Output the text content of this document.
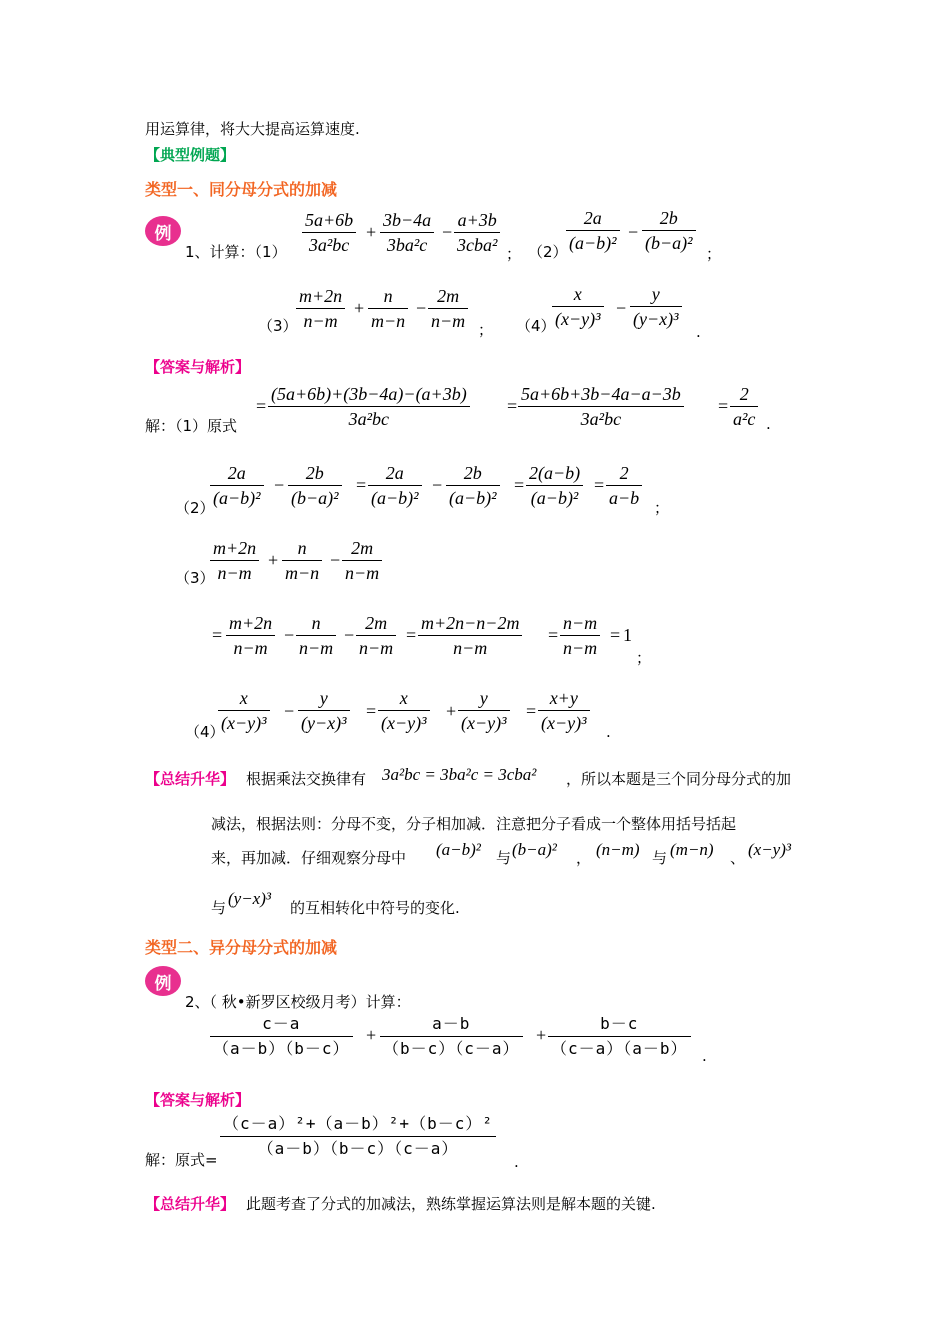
用运算律，将大大提高运算速度.
【典型例题】
类型一、同分母分式的加减
例
1、计算：（1）
5a+6b
3a²bc
+
3b−4a
3ba²c
−
a+3b
3cba² ； （2）
2a
(a−b)²
−
2b
(b−a)²
；
（3）
m+2n
n−m
+
n
m−n
−
2m
n−m ； （4）
x
(x−y)³
−
y
(y−x)³
.
【答案与解析】
解：（1）原式
=
(5a+6b)+(3b−4a)−(a+3b)
3a²bc
=
5a+6b+3b−4a−a−3b
3a²bc
=
2
a²c .
（2）
2a
(a−b)²
−
2b
(b−a)²
=
2a
(a−b)²
−
2b
(a−b)²
=
2(a−b)
(a−b)²
=
2
a−b ；
（3）
m+2n
n−m
+
n
m−n
−
2m
n−m
=
m+2n
n−m
−
n
n−m
−
2m
n−m
=
m+2n−n−2m
n−m
=
n−m
n−m
= 1
；
（4）
x
(x−y)³
−
y
(y−x)³
=
x
(x−y)³
+
y
(x−y)³
=
x+y
(x−y)³ .
【总结升华】 根据乘法交换律有 3a²bc = 3ba²c = 3cba² ，所以本题是三个同分母分式的加
减法，根据法则：分母不变，分子相加减．注意把分子看成一个整体用括号括起
来，再加减．仔细观察分母中 (a−b)² 与 (b−a)² ， (n−m) 与 (m−n) 、 (x−y)³
与 (y−x)³ 的互相转化中符号的变化.
类型二、异分母分式的加减
例
2、（ 秋•新罗区校级月考）计算：
c－a
（a－b）（b－c）
+
a－b
（b－c）（c－a）
+
b－c
（c－a）（a－b） .
【答案与解析】
解：原式=
（c－a）²+（a－b）²+（b－c）²
（a－b）（b－c）（c－a）
.
【总结升华】 此题考查了分式的加减法，熟练掌握运算法则是解本题的关键.
